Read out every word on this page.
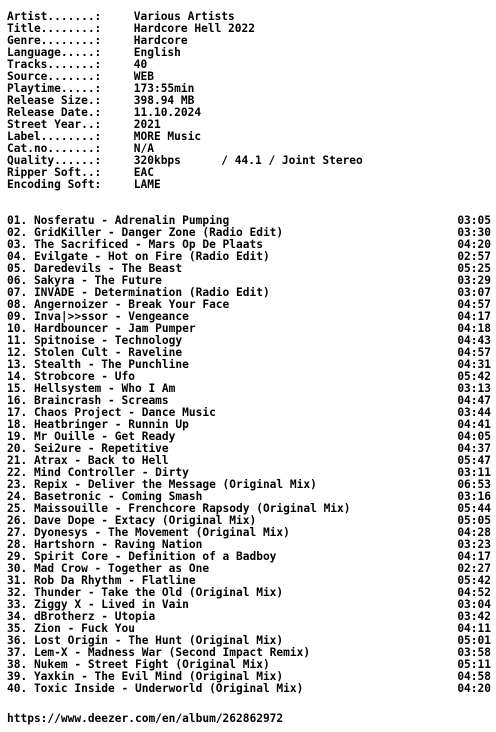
Artist.......:	Various Artists
Title........:	Hardcore Hell 2022
Genre........:	Hardcore
Language.....:	English
Tracks.......:	40
Source.......:	WEB
Playtime.....:	173:55min
Release Size.:	398.94 MB
Release Date.:	11.10.2024
Street Year..:	2021
Label........:	MORE Music
Cat.no.......:	N/A
Quality......:	320kbps      / 44.1 / Joint Stereo
Ripper Soft..:	EAC
Encoding Soft:	LAME
01. Nosferatu - Adrenalin Pumping	03:05
02. GridKiller - Danger Zone (Radio Edit)	03:30
03. The Sacrificed - Mars Op De Plaats	04:20
04. Evilgate - Hot on Fire (Radio Edit)	02:57
05. Daredevils - The Beast	05:25
06. Sakyra - The Future	03:29
07. INVADE - Determination (Radio Edit)	03:07
08. Angernoizer - Break Your Face	04:57
09. Inva|>>ssor - Vengeance	04:17
10. Hardbouncer - Jam Pumper	04:18
11. Spitnoise - Technology	04:43
12. Stolen Cult - Raveline	04:57
13. Stealth - The Punchline	04:31
14. Strobcore - Ufo	05:42
15. Hellsystem - Who I Am	03:13
16. Braincrash - Screams	04:47
17. Chaos Project - Dance Music	03:44
18. Heatbringer - Runnin Up	04:41
19. Mr Ouille - Get Ready	04:05
20. Sei2ure - Repetitive	04:37
21. Atrax - Back to Hell	05:47
22. Mind Controller - Dirty	03:11
23. Repix - Deliver the Message (Original Mix)	06:53
24. Basetronic - Coming Smash	03:16
25. Maissouille - Frenchcore Rapsody (Original Mix)	05:44
26. Dave Dope - Extacy (Original Mix)	05:05
27. Dyonesys - The Movement (Original Mix)	04:28
28. Hartshorn - Raving Nation	03:23
29. Spirit Core - Definition of a Badboy	04:17
30. Mad Crow - Together as One	02:27
31. Rob Da Rhythm - Flatline	05:42
32. Thunder - Take the Old (Original Mix)	04:52
33. Ziggy X - Lived in Vain	03:04
34. dBrotherz - Utopia	03:42
35. Zion - Fuck You	04:11
36. Lost Origin - The Hunt (Original Mix)	05:01
37. Lem-X - Madness War (Second Impact Remix)	03:58
38. Nukem - Street Fight (Original Mix)	05:11
39. Yaxkin - The Evil Mind (Original Mix)	04:58
40. Toxic Inside - Underworld (Original Mix)	04:20
https://www.deezer.com/en/album/262862972
